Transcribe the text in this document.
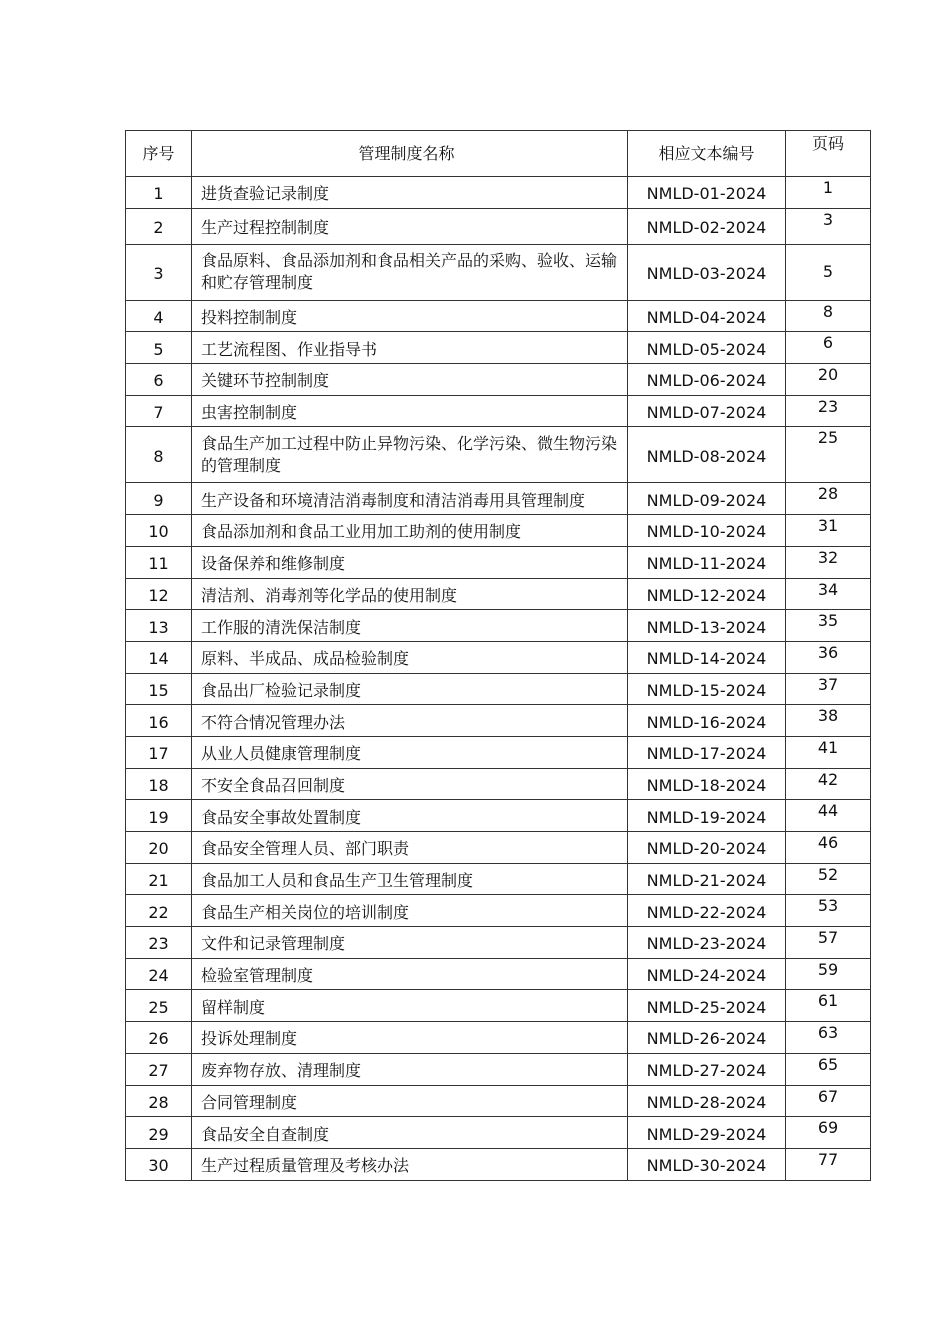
序号	管理制度名称	相应文本编号	页码

1	进货查验记录制度	NMLD-01-2024	1

2	生产过程控制制度	NMLD-02-2024	3

3	食品原料、食品添加剂和食品相关产品的采购、验收、运输和贮存管理制度	NMLD-03-2024	5

4	投料控制制度	NMLD-04-2024	8

5	工艺流程图、作业指导书	NMLD-05-2024	6

6	关键环节控制制度	NMLD-06-2024	20

7	虫害控制制度	NMLD-07-2024	23

8	食品生产加工过程中防止异物污染、化学污染、微生物污染的管理制度	NMLD-08-2024	25

9	生产设备和环境清洁消毒制度和清洁消毒用具管理制度	NMLD-09-2024	28

10	食品添加剂和食品工业用加工助剂的使用制度	NMLD-10-2024	31

11	设备保养和维修制度	NMLD-11-2024	32

12	清洁剂、消毒剂等化学品的使用制度	NMLD-12-2024	34

13	工作服的清洗保洁制度	NMLD-13-2024	35

14	原料、半成品、成品检验制度	NMLD-14-2024	36

15	食品出厂检验记录制度	NMLD-15-2024	37

16	不符合情况管理办法	NMLD-16-2024	38

17	从业人员健康管理制度	NMLD-17-2024	41

18	不安全食品召回制度	NMLD-18-2024	42

19	食品安全事故处置制度	NMLD-19-2024	44

20	食品安全管理人员、部门职责	NMLD-20-2024	46

21	食品加工人员和食品生产卫生管理制度	NMLD-21-2024	52

22	食品生产相关岗位的培训制度	NMLD-22-2024	53

23	文件和记录管理制度	NMLD-23-2024	57

24	检验室管理制度	NMLD-24-2024	59

25	留样制度	NMLD-25-2024	61

26	投诉处理制度	NMLD-26-2024	63

27	废弃物存放、清理制度	NMLD-27-2024	65

28	合同管理制度	NMLD-28-2024	67

29	食品安全自查制度	NMLD-29-2024	69

30	生产过程质量管理及考核办法	NMLD-30-2024	77
